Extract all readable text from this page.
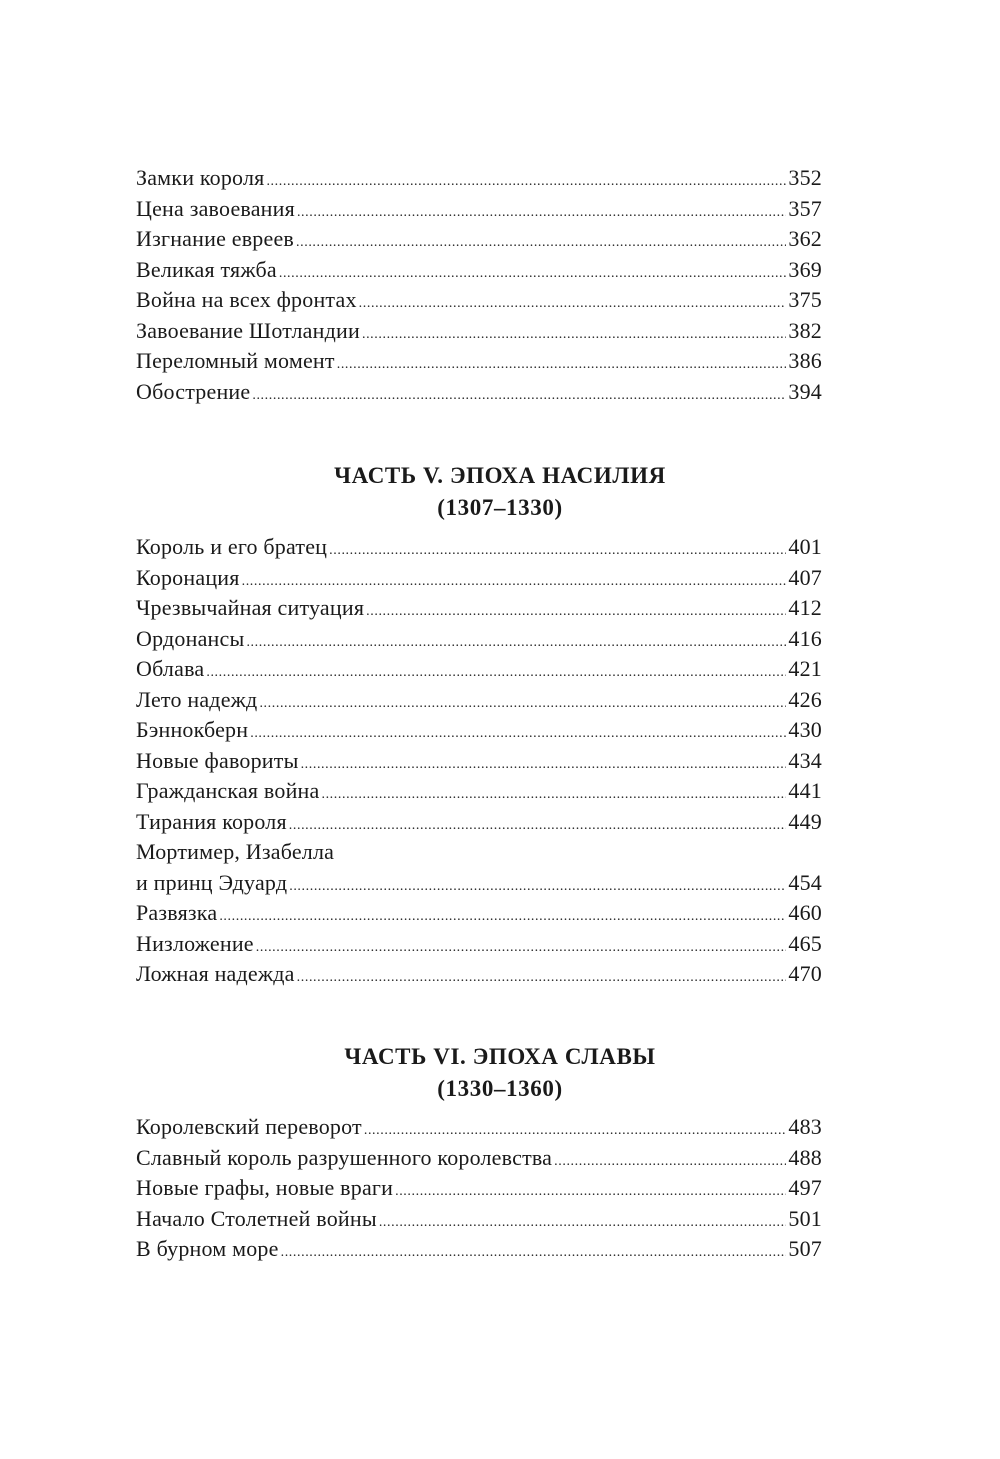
Замки короля .....	352
Цена завоевания .....	357
Изгнание евреев .....	362
Великая тяжба .....	369
Война на всех фронтах .....	375
Завоевание Шотландии .....	382
Переломный момент .....	386
Обострение .....	394
ЧАСТЬ V. ЭПОХА НАСИЛИЯ
(1307–1330)
Король и его братец .....	401
Коронация .....	407
Чрезвычайная ситуация .....	412
Ордонансы .....	416
Облава .....	421
Лето надежд .....	426
Бэннокберн .....	430
Новые фавориты .....	434
Гражданская война .....	441
Тирания короля .....	449
Мортимер, Изабелла
и принц Эдуард .....	454
Развязка .....	460
Низложение .....	465
Ложная надежда .....	470
ЧАСТЬ VI. ЭПОХА СЛАВЫ
(1330–1360)
Королевский переворот .....	483
Славный король разрушенного королевства .....	488
Новые графы, новые враги .....	497
Начало Столетней войны .....	501
В бурном море .....	507
